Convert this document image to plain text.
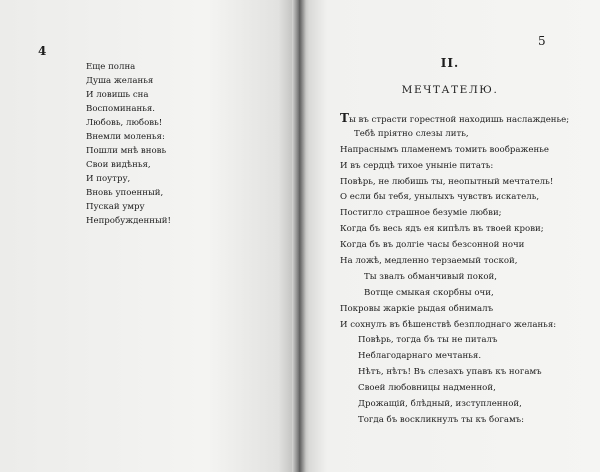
4
Еще полна
Душа желанья
И ловишь сна
Воспоминанья.
Любовь, любовь!
Внемли моленья:
Пошли мнѣ вновь
Свои видѣнья,
И поутру,
Вновь упоенный,
Пускай умру
Непробужденный!
5
II.
МЕЧТАТЕЛЮ.
Ты въ страсти горестной находишь наслажденье;
Тебѣ пріятно слезы лить,
Напраснымъ пламенемъ томить воображенье
И въ сердцѣ тихое уныніе питать:
Повѣрь, не любишь ты, неопытный мечтатель!
О если бы тебя, унылыхъ чувствъ искатель,
Постигло страшное безумie любви;
Когда бъ весь ядъ ея кипѣлъ въ твоей крови;
Когда бъ въ долгіе часы безсонной ночи
На ложѣ, медленно терзаемый тоской,
Ты звалъ обманчивый покой,
Вотще смыкая скорбны очи,
Покровы жаркіе рыдая обнималъ
И сохнулъ въ бѣшенствѣ безплоднаго желанья:
Повѣрь, тогда бъ ты не питалъ
Неблагодарнаго мечтанья.
Нѣтъ, нѣтъ! Въ слезахъ упавъ къ ногамъ
Своей любовницы надменной,
Дрожащій, блѣдный, изступленной,
Тогда бъ воскликнулъ ты къ богамъ:
